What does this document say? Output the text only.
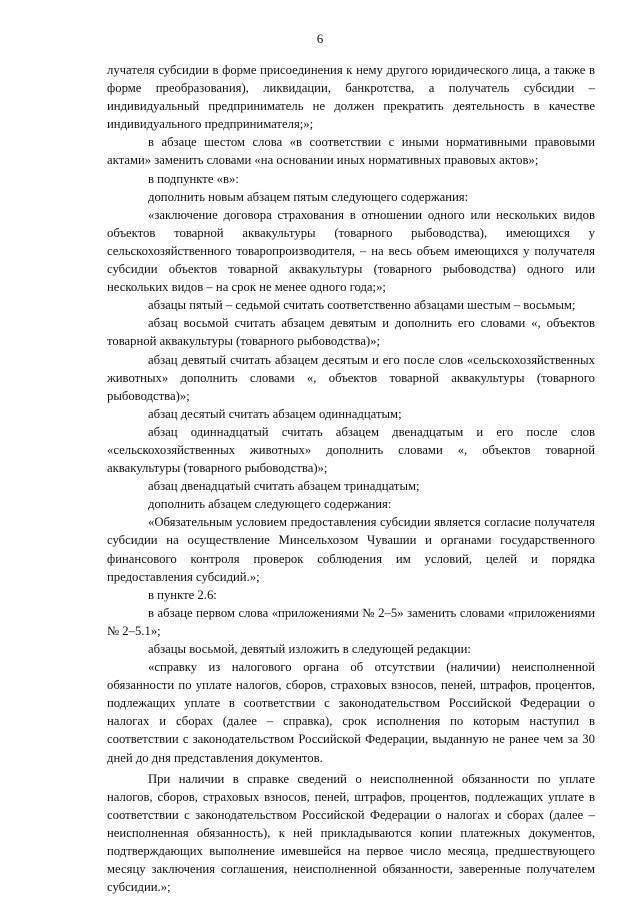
6

лучателя субсидии в форме присоединения к нему другого юридического лица, а также в форме преобразования), ликвидации, банкротства, а получатель субсидии – индивидуальный предприниматель не должен прекратить деятельность в качестве индивидуального предпринимателя;»;

в абзаце шестом слова «в соответствии с иными нормативными правовыми актами» заменить словами «на основании иных нормативных правовых актов»;

в подпункте «в»:

дополнить новым абзацем пятым следующего содержания:

«заключение договора страхования в отношении одного или нескольких видов объектов товарной аквакультуры (товарного рыбоводства), имеющихся у сельскохозяйственного товаропроизводителя, – на весь объем имеющихся у получателя субсидии объектов товарной аквакультуры (товарного рыбоводства) одного или нескольких видов – на срок не менее одного года;»;

абзацы пятый – седьмой считать соответственно абзацами шестым – восьмым;

абзац восьмой считать абзацем девятым и дополнить его словами «, объектов товарной аквакультуры (товарного рыбоводства)»;

абзац девятый считать абзацем десятым и его после слов «сельскохозяйственных животных» дополнить словами «, объектов товарной аквакультуры (товарного рыбоводства)»;

абзац десятый считать абзацем одиннадцатым;

абзац одиннадцатый считать абзацем двенадцатым и его после слов «сельскохозяйственных животных» дополнить словами «, объектов товарной аквакультуры (товарного рыбоводства)»;

абзац двенадцатый считать абзацем тринадцатым;

дополнить абзацем следующего содержания:

«Обязательным условием предоставления субсидии является согласие получателя субсидии на осуществление Минсельхозом Чувашии и органами государственного финансового контроля проверок соблюдения им условий, целей и порядка предоставления субсидий.»;

в пункте 2.6:

в абзаце первом слова «приложениями № 2–5» заменить словами «приложениями № 2–5.1»;

абзацы восьмой, девятый изложить в следующей редакции:

«справку из налогового органа об отсутствии (наличии) неисполненной обязанности по уплате налогов, сборов, страховых взносов, пеней, штрафов, процентов, подлежащих уплате в соответствии с законодательством Российской Федерации о налогах и сборах (далее – справка), срок исполнения по которым наступил в соответствии с законодательством Российской Федерации, выданную не ранее чем за 30 дней до дня представления документов.

При наличии в справке сведений о неисполненной обязанности по уплате налогов, сборов, страховых взносов, пеней, штрафов, процентов, подлежащих уплате в соответствии с законодательством Российской Федерации о налогах и сборах (далее – неисполненная обязанность), к ней прикладываются копии платежных документов, подтверждающих выполнение имевшейся на первое число месяца, предшествующего месяцу заключения соглашения, неисполненной обязанности, заверенные получателем субсидии.»;
